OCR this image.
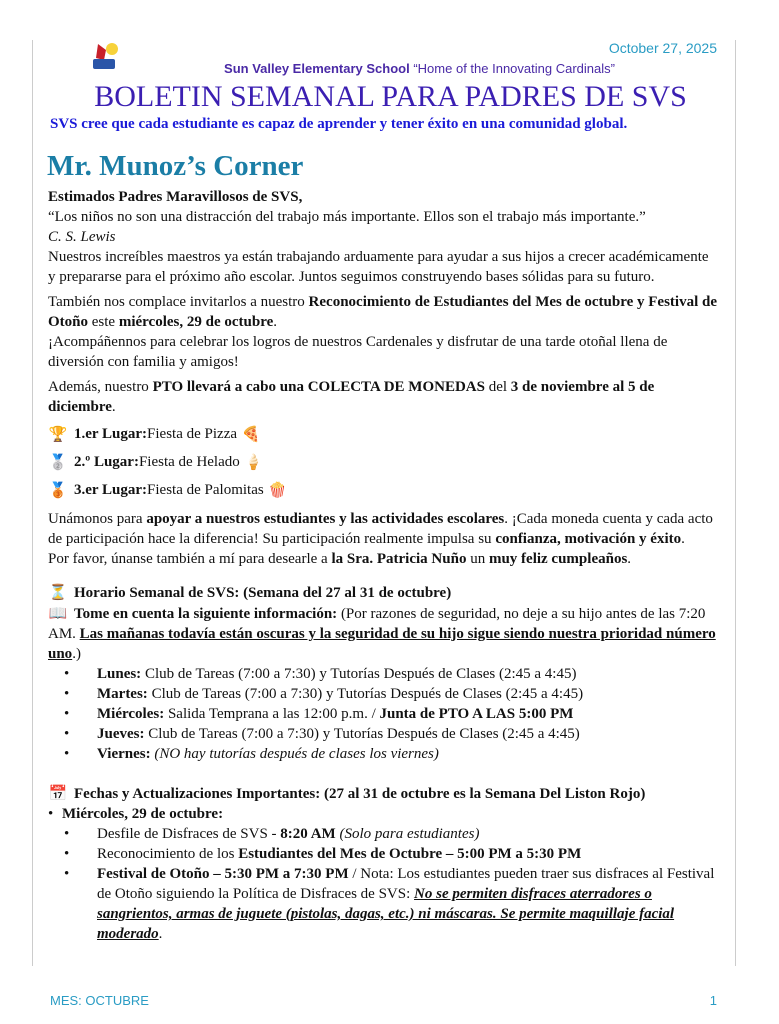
October 27, 2025
Sun Valley Elementary School “Home of the Innovating Cardinals”
BOLETIN SEMANAL PARA PADRES DE SVS
SVS cree que cada estudiante es capaz de aprender y tener éxito en una comunidad global.
Mr. Munoz’s Corner

Estimados Padres Maravillosos de SVS,

“Los niños no son una distracción del trabajo más importante. Ellos son el trabajo más importante.”

C. S. Lewis

Nuestros increíbles maestros ya están trabajando arduamente para ayudar a sus hijos a crecer académicamente y prepararse para el próximo año escolar. Juntos seguimos construyendo bases sólidas para su futuro.

También nos complace invitarlos a nuestro Reconocimiento de Estudiantes del Mes de octubre y Festival de Otoño este miércoles, 29 de octubre.

¡Acompáñennos para celebrar los logros de nuestros Cardenales y disfrutar de una tarde otoñal llena de diversión con familia y amigos!

Además, nuestro PTO llevará a cabo una COLECTA DE MONEDAS del 3 de noviembre al 5 de diciembre.

🏆 1.er Lugar: Fiesta de Pizza
🍕
🥈 2.º Lugar: Fiesta de Helado
🍦
🥉 3.er Lugar: Fiesta de Palomitas
🍿

Unámonos para apoyar a nuestros estudiantes y las actividades escolares. ¡Cada moneda cuenta y cada acto de participación hace la diferencia! Su participación realmente impulsa su confianza, motivación y éxito.

Por favor, únanse también a mí para desearle a la Sra. Patricia Nuño un muy feliz cumpleaños.

⏳ Horario Semanal de SVS: (Semana del 27 al 31 de octubre)

📖 Tome en cuenta la siguiente información: (Por razones de seguridad, no deje a su hijo antes de las 7:20 AM. Las mañanas todavía están oscuras y la seguridad de su hijo sigue siendo nuestra prioridad número uno.)

• Lunes: Club de Tareas (7:00 a 7:30) y Tutorías Después de Clases (2:45 a 4:45)
• Martes: Club de Tareas (7:00 a 7:30) y Tutorías Después de Clases (2:45 a 4:45)
• Miércoles: Salida Temprana a las 12:00 p.m. / Junta de PTO A LAS 5:00 PM
• Jueves: Club de Tareas (7:00 a 7:30) y Tutorías Después de Clases (2:45 a 4:45)
• Viernes: (NO hay tutorías después de clases los viernes)

📅 Fechas y Actualizaciones Importantes: (27 al 31 de octubre es la Semana Del Liston Rojo)

• Miércoles, 29 de octubre:
• Desfile de Disfraces de SVS - 8:20 AM (Solo para estudiantes)
• Reconocimiento de los Estudiantes del Mes de Octubre – 5:00 PM a 5:30 PM
• Festival de Otoño – 5:30 PM a 7:30 PM / Nota: Los estudiantes pueden traer sus disfraces al Festival de Otoño siguiendo la Política de Disfraces de SVS: No se permiten disfraces aterradores o sangrientos, armas de juguete (pistolas, dagas, etc.) ni máscaras. Se permite maquillaje facial moderado.
MES: OCTUBRE	1
